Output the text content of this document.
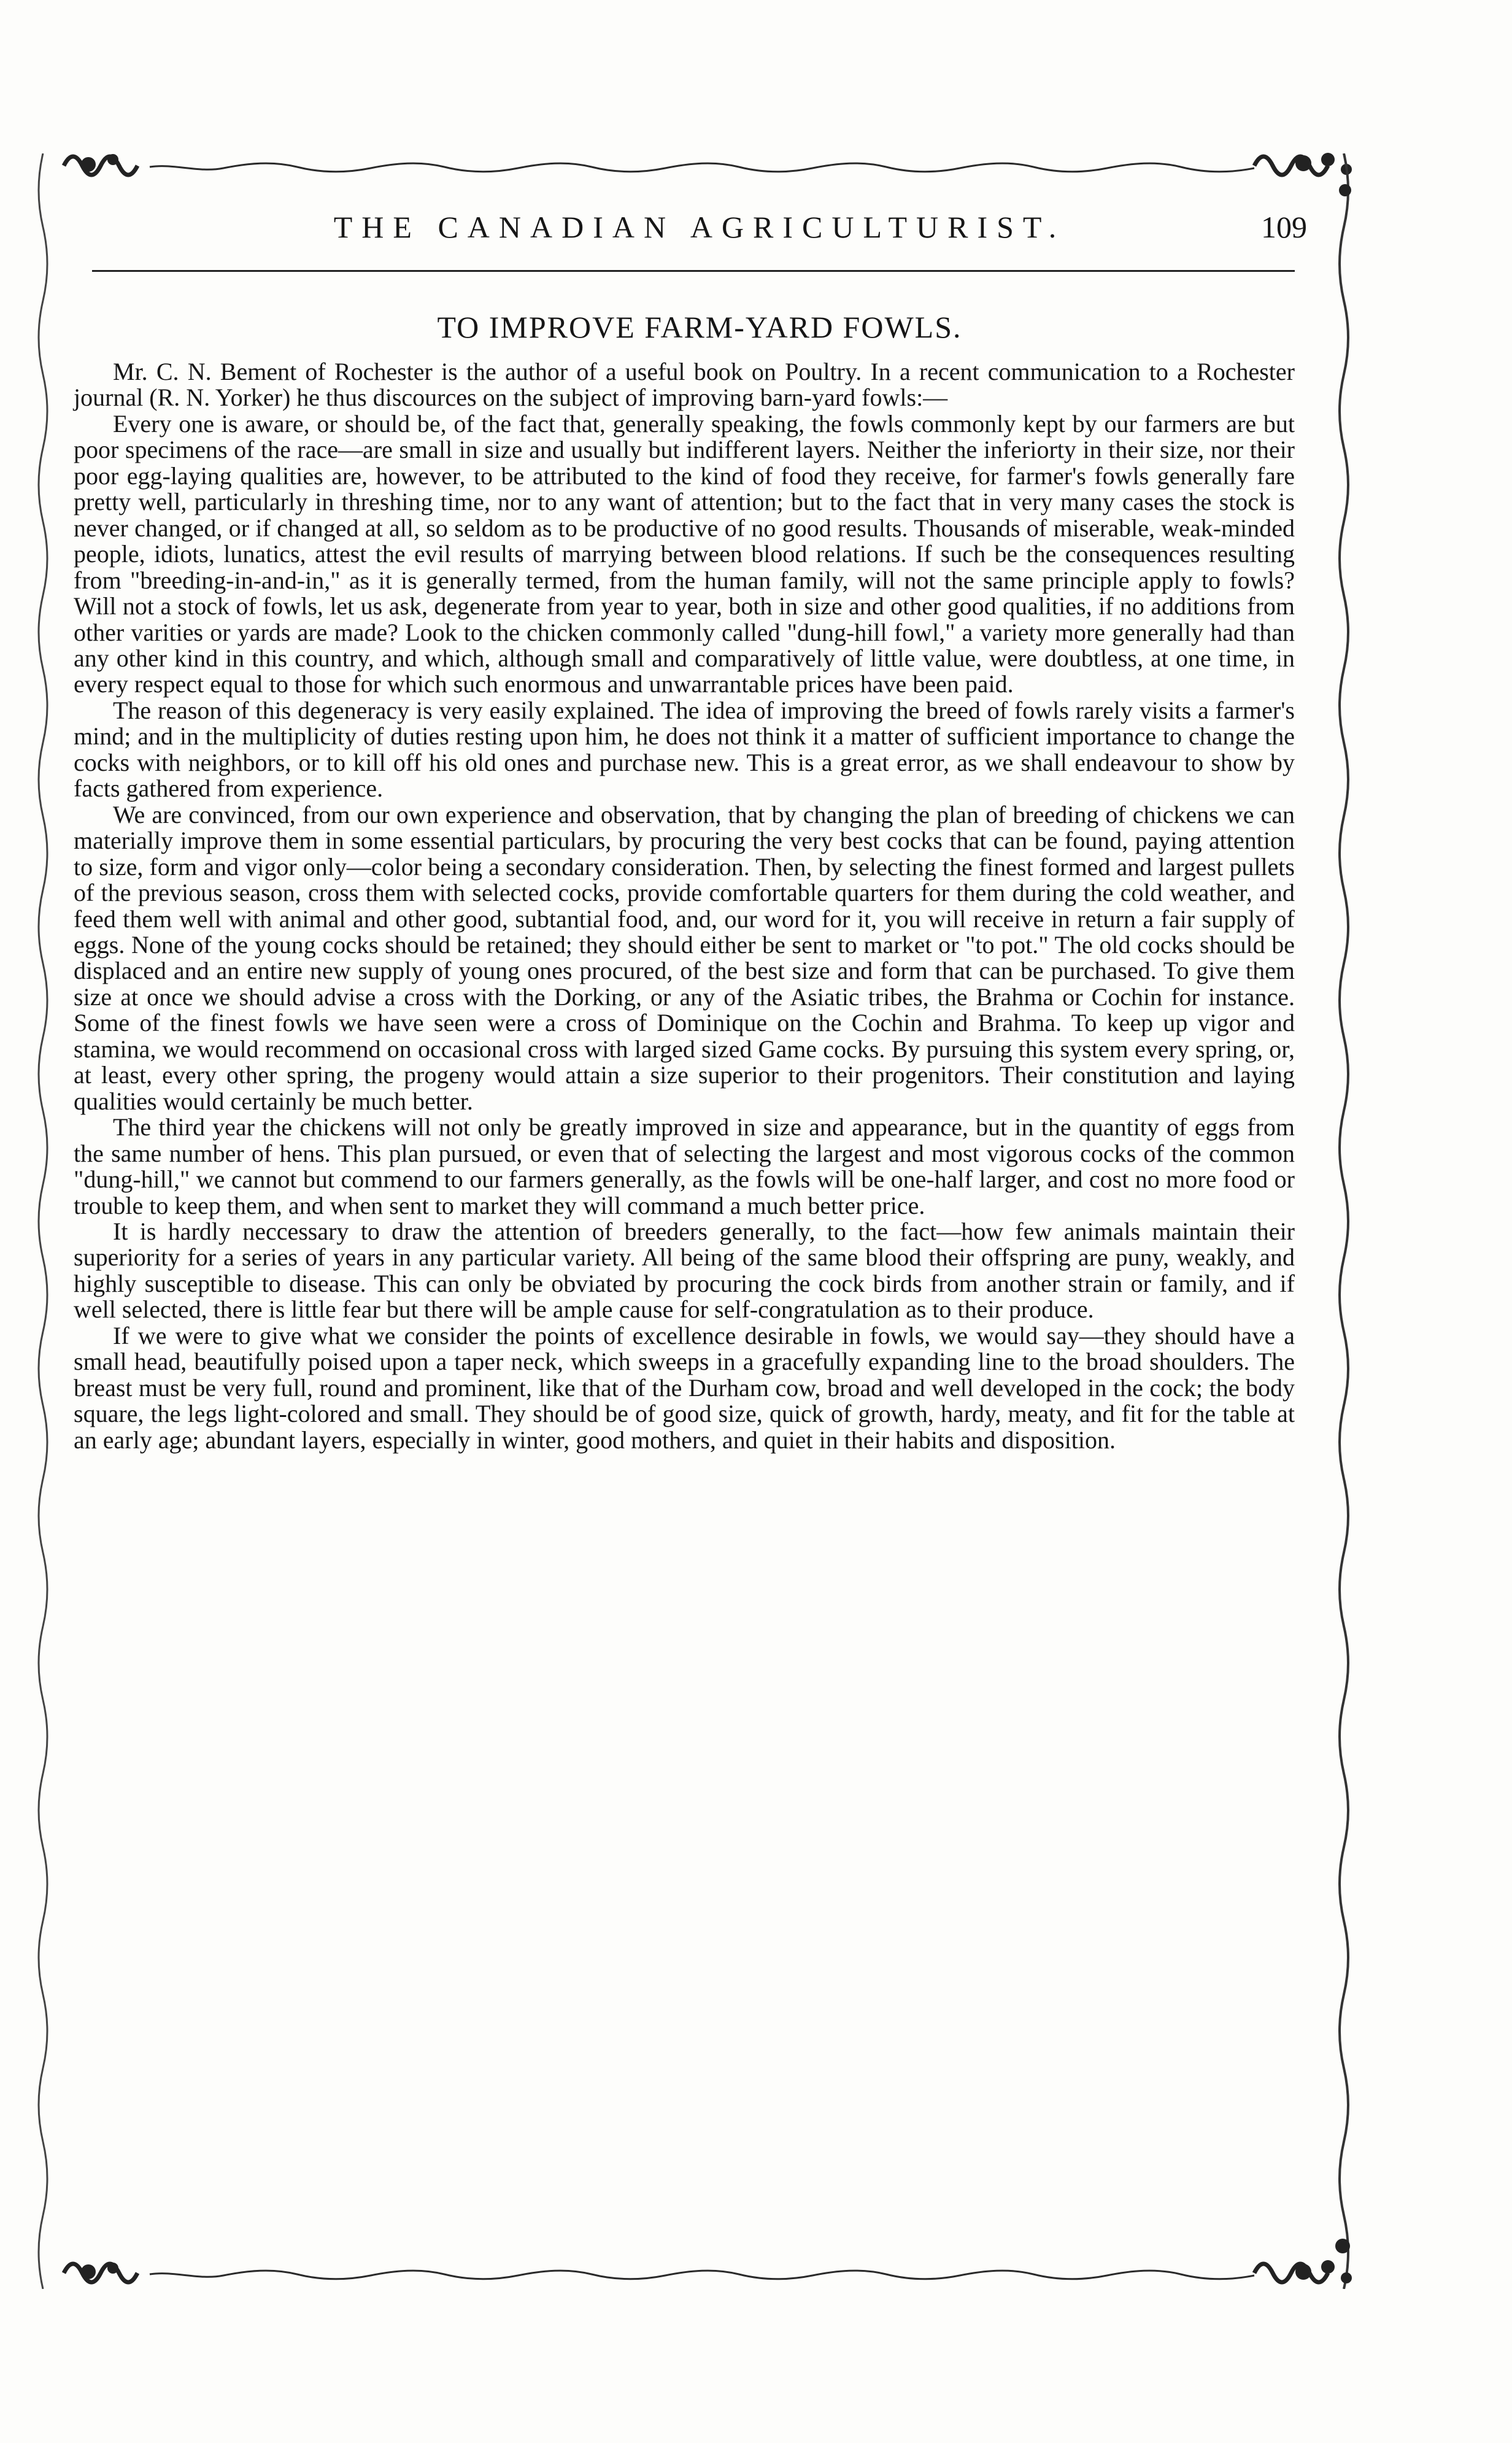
THE CANADIAN AGRICULTURIST.	109
TO IMPROVE FARM-YARD FOWLS.

Mr. C. N. Bement of Rochester is the author of a useful book on Poultry. In a recent communication to a Rochester journal (R. N. Yorker) he thus discources on the subject of improving barn-yard fowls:—

Every one is aware, or should be, of the fact that, generally speaking, the fowls commonly kept by our farmers are but poor specimens of the race—are small in size and usually but indifferent layers. Neither the inferiorty in their size, nor their poor egg-laying qualities are, however, to be attributed to the kind of food they receive, for farmer's fowls generally fare pretty well, particularly in threshing time, nor to any want of attention; but to the fact that in very many cases the stock is never changed, or if changed at all, so seldom as to be productive of no good results. Thousands of miserable, weak-minded people, idiots, lunatics, attest the evil results of marrying between blood relations. If such be the consequences resulting from "breeding-in-and-in," as it is generally termed, from the human family, will not the same principle apply to fowls? Will not a stock of fowls, let us ask, degenerate from year to year, both in size and other good qualities, if no additions from other varities or yards are made? Look to the chicken commonly called "dung-hill fowl," a variety more generally had than any other kind in this country, and which, although small and comparatively of little value, were doubtless, at one time, in every respect equal to those for which such enormous and unwarrantable prices have been paid.

The reason of this degeneracy is very easily explained. The idea of improving the breed of fowls rarely visits a farmer's mind; and in the multiplicity of duties resting upon him, he does not think it a matter of sufficient importance to change the cocks with neighbors, or to kill off his old ones and purchase new. This is a great error, as we shall endeavour to show by facts gathered from experience.

We are convinced, from our own experience and observation, that by changing the plan of breeding of chickens we can materially improve them in some essential particulars, by procuring the very best cocks that can be found, paying attention to size, form and vigor only—color being a secondary consideration. Then, by selecting the finest formed and largest pullets of the previous season, cross them with selected cocks, provide comfortable quarters for them during the cold weather, and feed them well with animal and other good, subtantial food, and, our word for it, you will receive in return a fair supply of eggs. None of the young cocks should be retained; they should either be sent to market or "to pot." The old cocks should be displaced and an entire new supply of young ones procured, of the best size and form that can be purchased. To give them size at once we should advise a cross with the Dorking, or any of the Asiatic tribes, the Brahma or Cochin for instance. Some of the finest fowls we have seen were a cross of Dominique on the Cochin and Brahma. To keep up vigor and stamina, we would recommend on occasional cross with larged sized Game cocks. By pursuing this system every spring, or, at least, every other spring, the progeny would attain a size superior to their progenitors. Their constitution and laying qualities would certainly be much better.

The third year the chickens will not only be greatly improved in size and appearance, but in the quantity of eggs from the same number of hens. This plan pursued, or even that of selecting the largest and most vigorous cocks of the common "dung-hill," we cannot but commend to our farmers generally, as the fowls will be one-half larger, and cost no more food or trouble to keep them, and when sent to market they will command a much better price.

It is hardly neccessary to draw the attention of breeders generally, to the fact—how few animals maintain their superiority for a series of years in any particular variety. All being of the same blood their offspring are puny, weakly, and highly susceptible to disease. This can only be obviated by procuring the cock birds from another strain or family, and if well selected, there is little fear but there will be ample cause for self-congratulation as to their produce.

If we were to give what we consider the points of excellence desirable in fowls, we would say—they should have a small head, beautifully poised upon a taper neck, which sweeps in a gracefully expanding line to the broad shoulders. The breast must be very full, round and prominent, like that of the Durham cow, broad and well developed in the cock; the body square, the legs light-colored and small. They should be of good size, quick of growth, hardy, meaty, and fit for the table at an early age; abundant layers, especially in winter, good mothers, and quiet in their habits and disposition.
